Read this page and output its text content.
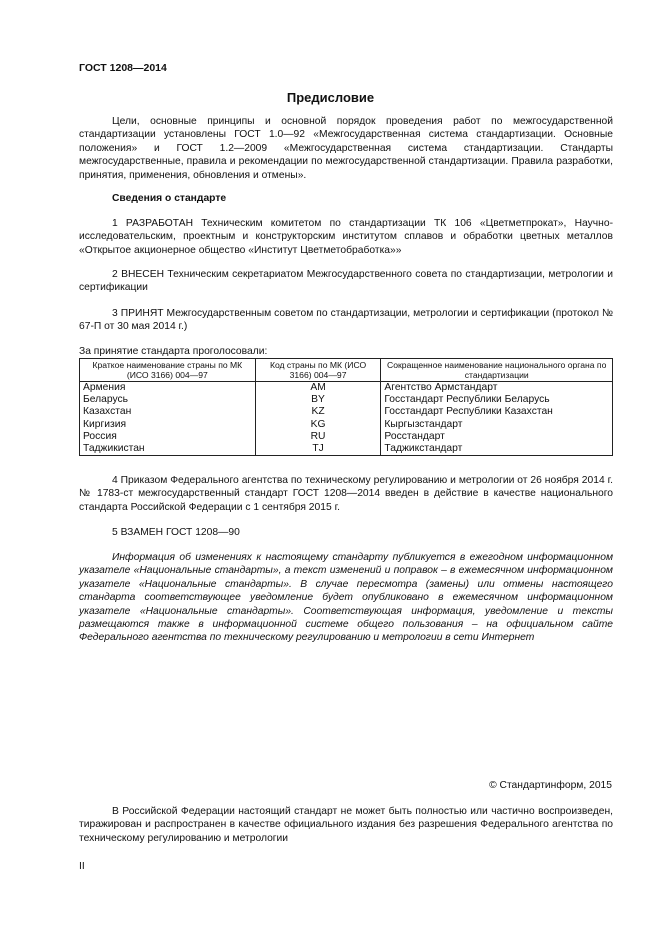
ГОСТ 1208—2014
Предисловие
Цели, основные принципы и основной порядок проведения работ по межгосударственной стандартизации установлены ГОСТ 1.0—92 «Межгосударственная система стандартизации. Основные положения» и ГОСТ 1.2—2009 «Межгосударственная система стандартизации. Стандарты межгосударственные, правила и рекомендации по межгосударственной стандартизации. Правила разработки, принятия, применения, обновления и отмены».
Сведения о стандарте
1 РАЗРАБОТАН Техническим комитетом по стандартизации ТК 106 «Цветметпрокат», Научно-исследовательским, проектным и конструкторским институтом сплавов и обработки цветных металлов «Открытое акционерное общество «Институт Цветметобработка»»
2 ВНЕСЕН Техническим секретариатом Межгосударственного совета по стандартизации, метрологии и сертификации
3 ПРИНЯТ Межгосударственным советом по стандартизации, метрологии и сертификации (протокол № 67-П от 30 мая 2014 г.)
За принятие стандарта проголосовали:
Краткое наименование страны по МК (ИСО 3166) 004—97	Код страны по МК (ИСО 3166) 004—97	Сокращенное наименование национального органа по стандартизации
Армения	AM	Агентство Армстандарт
Беларусь	BY	Госстандарт Республики Беларусь
Казахстан	KZ	Госстандарт Республики Казахстан
Киргизия	KG	Кыргызстандарт
Россия	RU	Росстандарт
Таджикистан	TJ	Таджикстандарт
4 Приказом Федерального агентства по техническому регулированию и метрологии от 26 ноября 2014 г. № 1783-ст межгосударственный стандарт ГОСТ 1208—2014 введен в действие в качестве национального стандарта Российской Федерации с 1 сентября 2015 г.
5 ВЗАМЕН ГОСТ 1208—90
Информация об изменениях к настоящему стандарту публикуется в ежегодном информационном указателе «Национальные стандарты», а текст изменений и поправок – в ежемесячном информационном указателе «Национальные стандарты». В случае пересмотра (замены) или отмены настоящего стандарта соответствующее уведомление будет опубликовано в ежемесячном информационном указателе «Национальные стандарты». Соответствующая информация, уведомление и тексты размещаются также в информационной системе общего пользования – на официальном сайте Федерального агентства по техническому регулированию и метрологии в сети Интернет
© Стандартинформ, 2015
В Российской Федерации настоящий стандарт не может быть полностью или частично воспроизведен, тиражирован и распространен в качестве официального издания без разрешения Федерального агентства по техническому регулированию и метрологии
II
